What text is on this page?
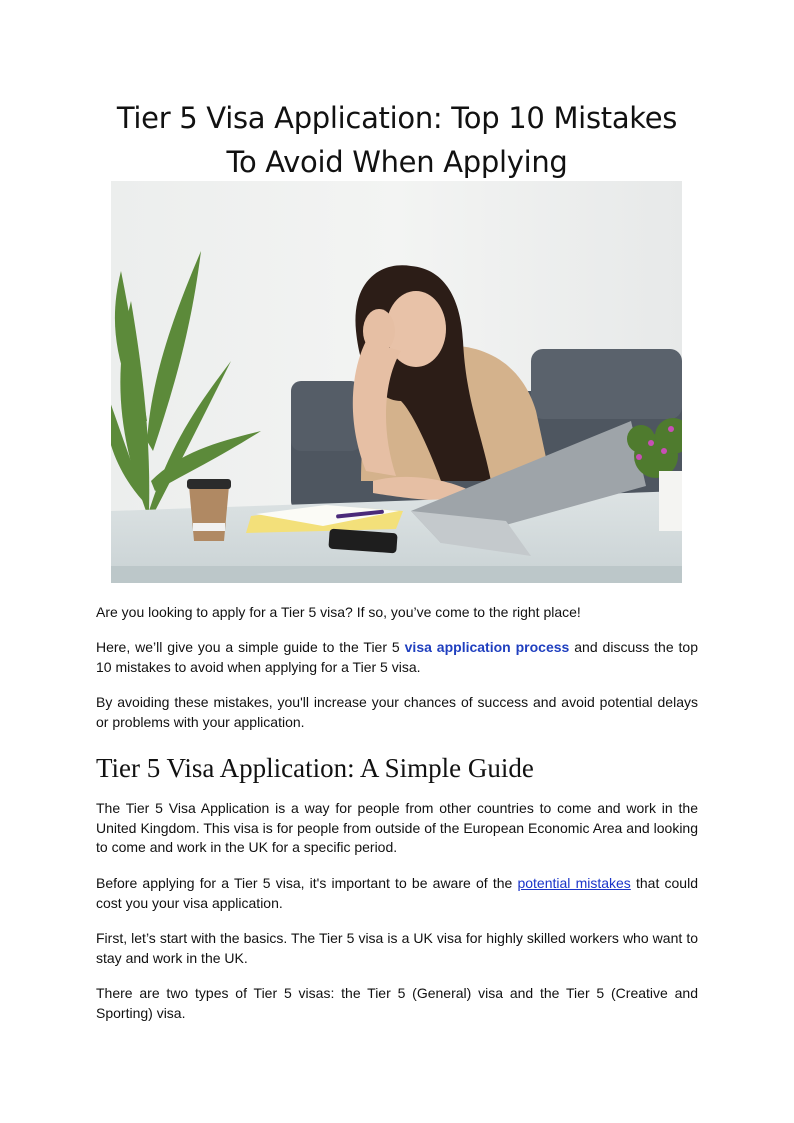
Tier 5 Visa Application: Top 10 Mistakes
To Avoid When Applying

Are you looking to apply for a Tier 5 visa? If so, you’ve come to the right place!

Here, we’ll give you a simple guide to the Tier 5 visa application process and discuss the top 10 mistakes to avoid when applying for a Tier 5 visa.

By avoiding these mistakes, you'll increase your chances of success and avoid potential delays or problems with your application.

Tier 5 Visa Application: A Simple Guide

The Tier 5 Visa Application is a way for people from other countries to come and work in the United Kingdom. This visa is for people from outside of the European Economic Area and looking to come and work in the UK for a specific period.

Before applying for a Tier 5 visa, it's important to be aware of the potential mistakes that could cost you your visa application.

First, let’s start with the basics. The Tier 5 visa is a UK visa for highly skilled workers who want to stay and work in the UK.

There are two types of Tier 5 visas: the Tier 5 (General) visa and the Tier 5 (Creative and Sporting) visa.
